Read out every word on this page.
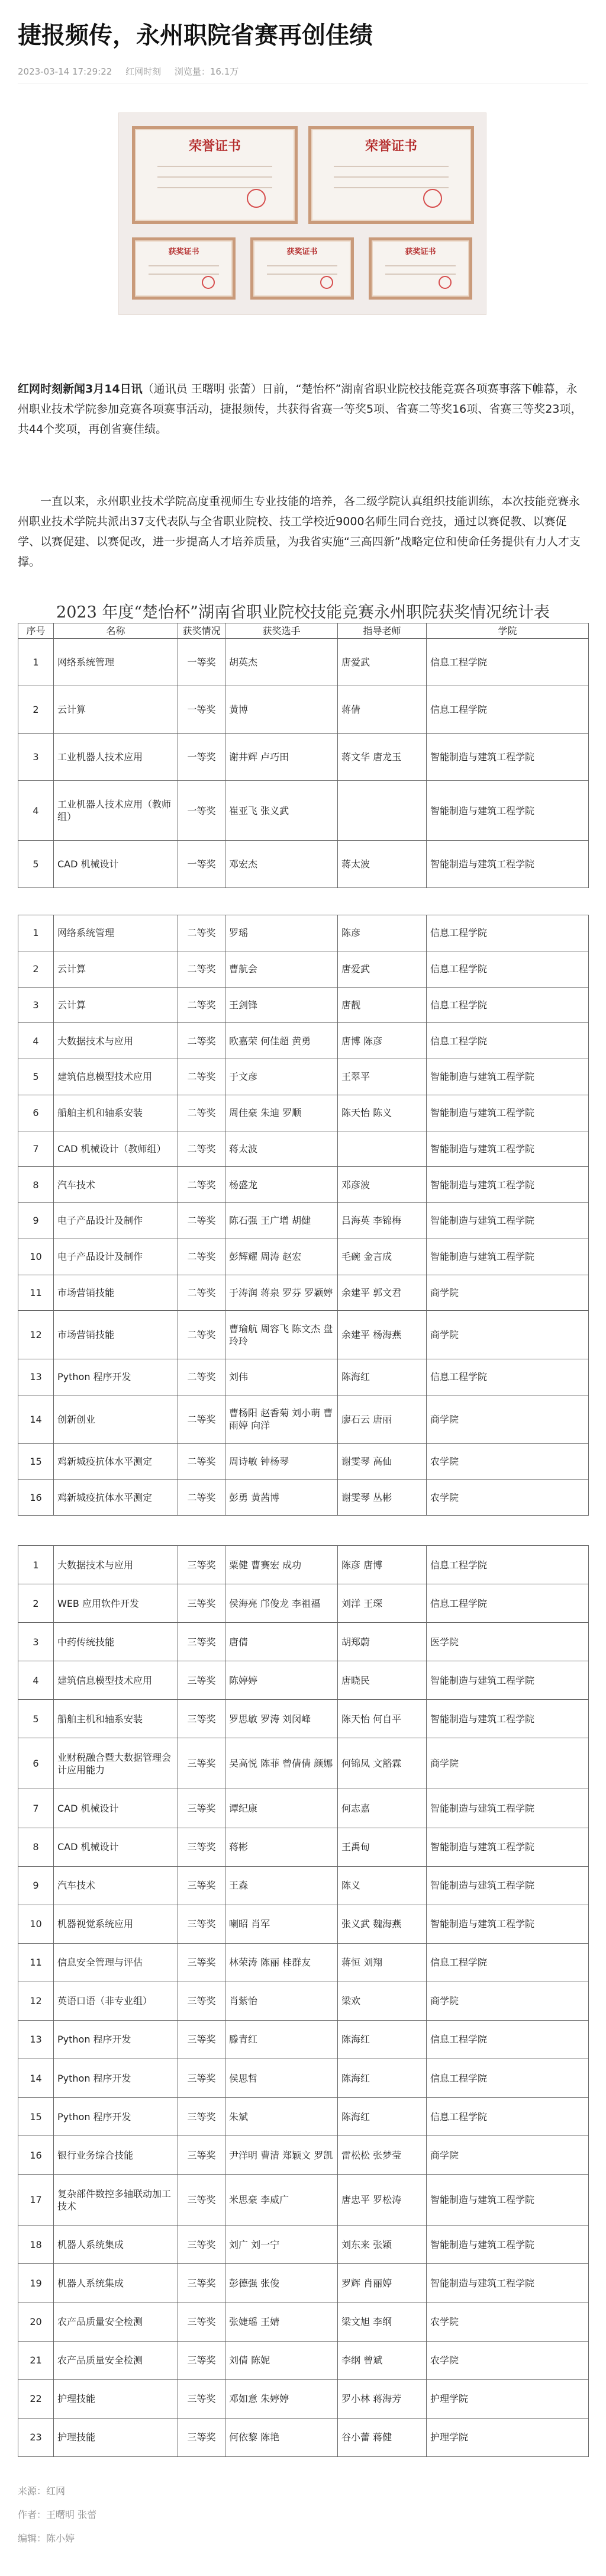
捷报频传，永州职院省赛再创佳绩
2023-03-14 17:29:22 红网时刻 浏览量：16.1万
荣誉证书	荣誉证书
获奖证书	获奖证书	获奖证书
红网时刻新闻3月14日讯（通讯员 王曙明 张蕾）日前，“楚怡杯”湖南省职业院校技能竞赛各项赛事落下帷幕，永州职业技术学院参加竞赛各项赛事活动，捷报频传，共获得省赛一等奖5项、省赛二等奖16项、省赛三等奖23项，共44个奖项，再创省赛佳绩。
一直以来，永州职业技术学院高度重视师生专业技能的培养，各二级学院认真组织技能训练，本次技能竞赛永州职业技术学院共派出37支代表队与全省职业院校、技工学校近9000名师生同台竞技，通过以赛促教、以赛促学、以赛促建、以赛促改，进一步提高人才培养质量，为我省实施“三高四新”战略定位和使命任务提供有力人才支撑。
2023 年度“楚怡杯”湖南省职业院校技能竞赛永州职院获奖情况统计表
序号	名称	获奖情况	获奖选手	指导老师	学院
1	网络系统管理	一等奖	胡英杰	唐爱武	信息工程学院
2	云计算	一等奖	黄博	蒋倩	信息工程学院
3	工业机器人技术应用	一等奖	谢井辉 卢巧田	蒋文华 唐龙玉	智能制造与建筑工程学院
4	工业机器人技术应用（教师组）	一等奖	崔亚飞 张义武		智能制造与建筑工程学院
5	CAD 机械设计	一等奖	邓宏杰	蒋太波	智能制造与建筑工程学院
1	网络系统管理	二等奖	罗瑶	陈彦	信息工程学院
2	云计算	二等奖	曹航会	唐爱武	信息工程学院
3	云计算	二等奖	王剑锋	唐靓	信息工程学院
4	大数据技术与应用	二等奖	欧嘉荣 何佳超 黄勇	唐博 陈彦	信息工程学院
5	建筑信息模型技术应用	二等奖	于文彦	王翠平	智能制造与建筑工程学院
6	船舶主机和轴系安装	二等奖	周佳豪 朱迪 罗顺	陈天怡 陈义	智能制造与建筑工程学院
7	CAD 机械设计（教师组）	二等奖	蒋太波		智能制造与建筑工程学院
8	汽车技术	二等奖	杨盛龙	邓彦波	智能制造与建筑工程学院
9	电子产品设计及制作	二等奖	陈石强 王广增 胡健	吕海英 李锦梅	智能制造与建筑工程学院
10	电子产品设计及制作	二等奖	彭辉耀 周涛 赵宏	毛碗 金言成	智能制造与建筑工程学院
11	市场营销技能	二等奖	于涛润 蒋泉 罗芬 罗颖婷	余建平 郭文君	商学院
12	市场营销技能	二等奖	曹瑜航 周容飞 陈文杰 盘玲玲	余建平 杨海燕	商学院
13	Python 程序开发	二等奖	刘伟	陈海红	信息工程学院
14	创新创业	二等奖	曹杨阳 赵香菊 刘小萌 曹雨婷 向洋	廖石云 唐丽	商学院
15	鸡新城疫抗体水平测定	二等奖	周诗敏 钟杨琴	谢雯琴 高仙	农学院
16	鸡新城疫抗体水平测定	二等奖	彭勇 黄茜博	谢雯琴 丛彬	农学院
1	大数据技术与应用	三等奖	粟健 曹赛宏 成功	陈彦 唐博	信息工程学院
2	WEB 应用软件开发	三等奖	侯海亮 邝俊龙 李祖福	刘洋 王琛	信息工程学院
3	中药传统技能	三等奖	唐倩	胡郑蔚	医学院
4	建筑信息模型技术应用	三等奖	陈婷婷	唐晓民	智能制造与建筑工程学院
5	船舶主机和轴系安装	三等奖	罗思敏 罗涛 刘闵峰	陈天怡 何自平	智能制造与建筑工程学院
6	业财税融合暨大数据管理会计应用能力	三等奖	吴高悦 陈菲 曾倩倩 颜娜	何锦凤 文豁霖	商学院
7	CAD 机械设计	三等奖	谭纪康	何志嘉	智能制造与建筑工程学院
8	CAD 机械设计	三等奖	蒋彬	王禹甸	智能制造与建筑工程学院
9	汽车技术	三等奖	王森	陈义	智能制造与建筑工程学院
10	机器视觉系统应用	三等奖	喇昭 肖军	张义武 魏海燕	智能制造与建筑工程学院
11	信息安全管理与评估	三等奖	林荣涛 陈丽 桂群友	蒋恒 刘翔	信息工程学院
12	英语口语（非专业组）	三等奖	肖紫怡	梁欢	商学院
13	Python 程序开发	三等奖	滕青红	陈海红	信息工程学院
14	Python 程序开发	三等奖	侯思哲	陈海红	信息工程学院
15	Python 程序开发	三等奖	朱斌	陈海红	信息工程学院
16	银行业务综合技能	三等奖	尹洋明 曹清 郑颖文 罗凯	雷松松 张梦莹	商学院
17	复杂部件数控多轴联动加工技术	三等奖	米思豪 李威广	唐忠平 罗松涛	智能制造与建筑工程学院
18	机器人系统集成	三等奖	刘广 刘一宁	刘东来 张颖	智能制造与建筑工程学院
19	机器人系统集成	三等奖	彭德强 张俊	罗辉 肖丽婷	智能制造与建筑工程学院
20	农产品质量安全检测	三等奖	张婕瑶 王婧	梁文旭 李纲	农学院
21	农产品质量安全检测	三等奖	刘倩 陈妮	李纲 曾斌	农学院
22	护理技能	三等奖	邓如意 朱婷婷	罗小林 蒋海芳	护理学院
23	护理技能	三等奖	何依黎 陈艳	谷小蕾 蒋健	护理学院
来源：红网
作者：王曙明 张蕾
编辑：陈小婷
